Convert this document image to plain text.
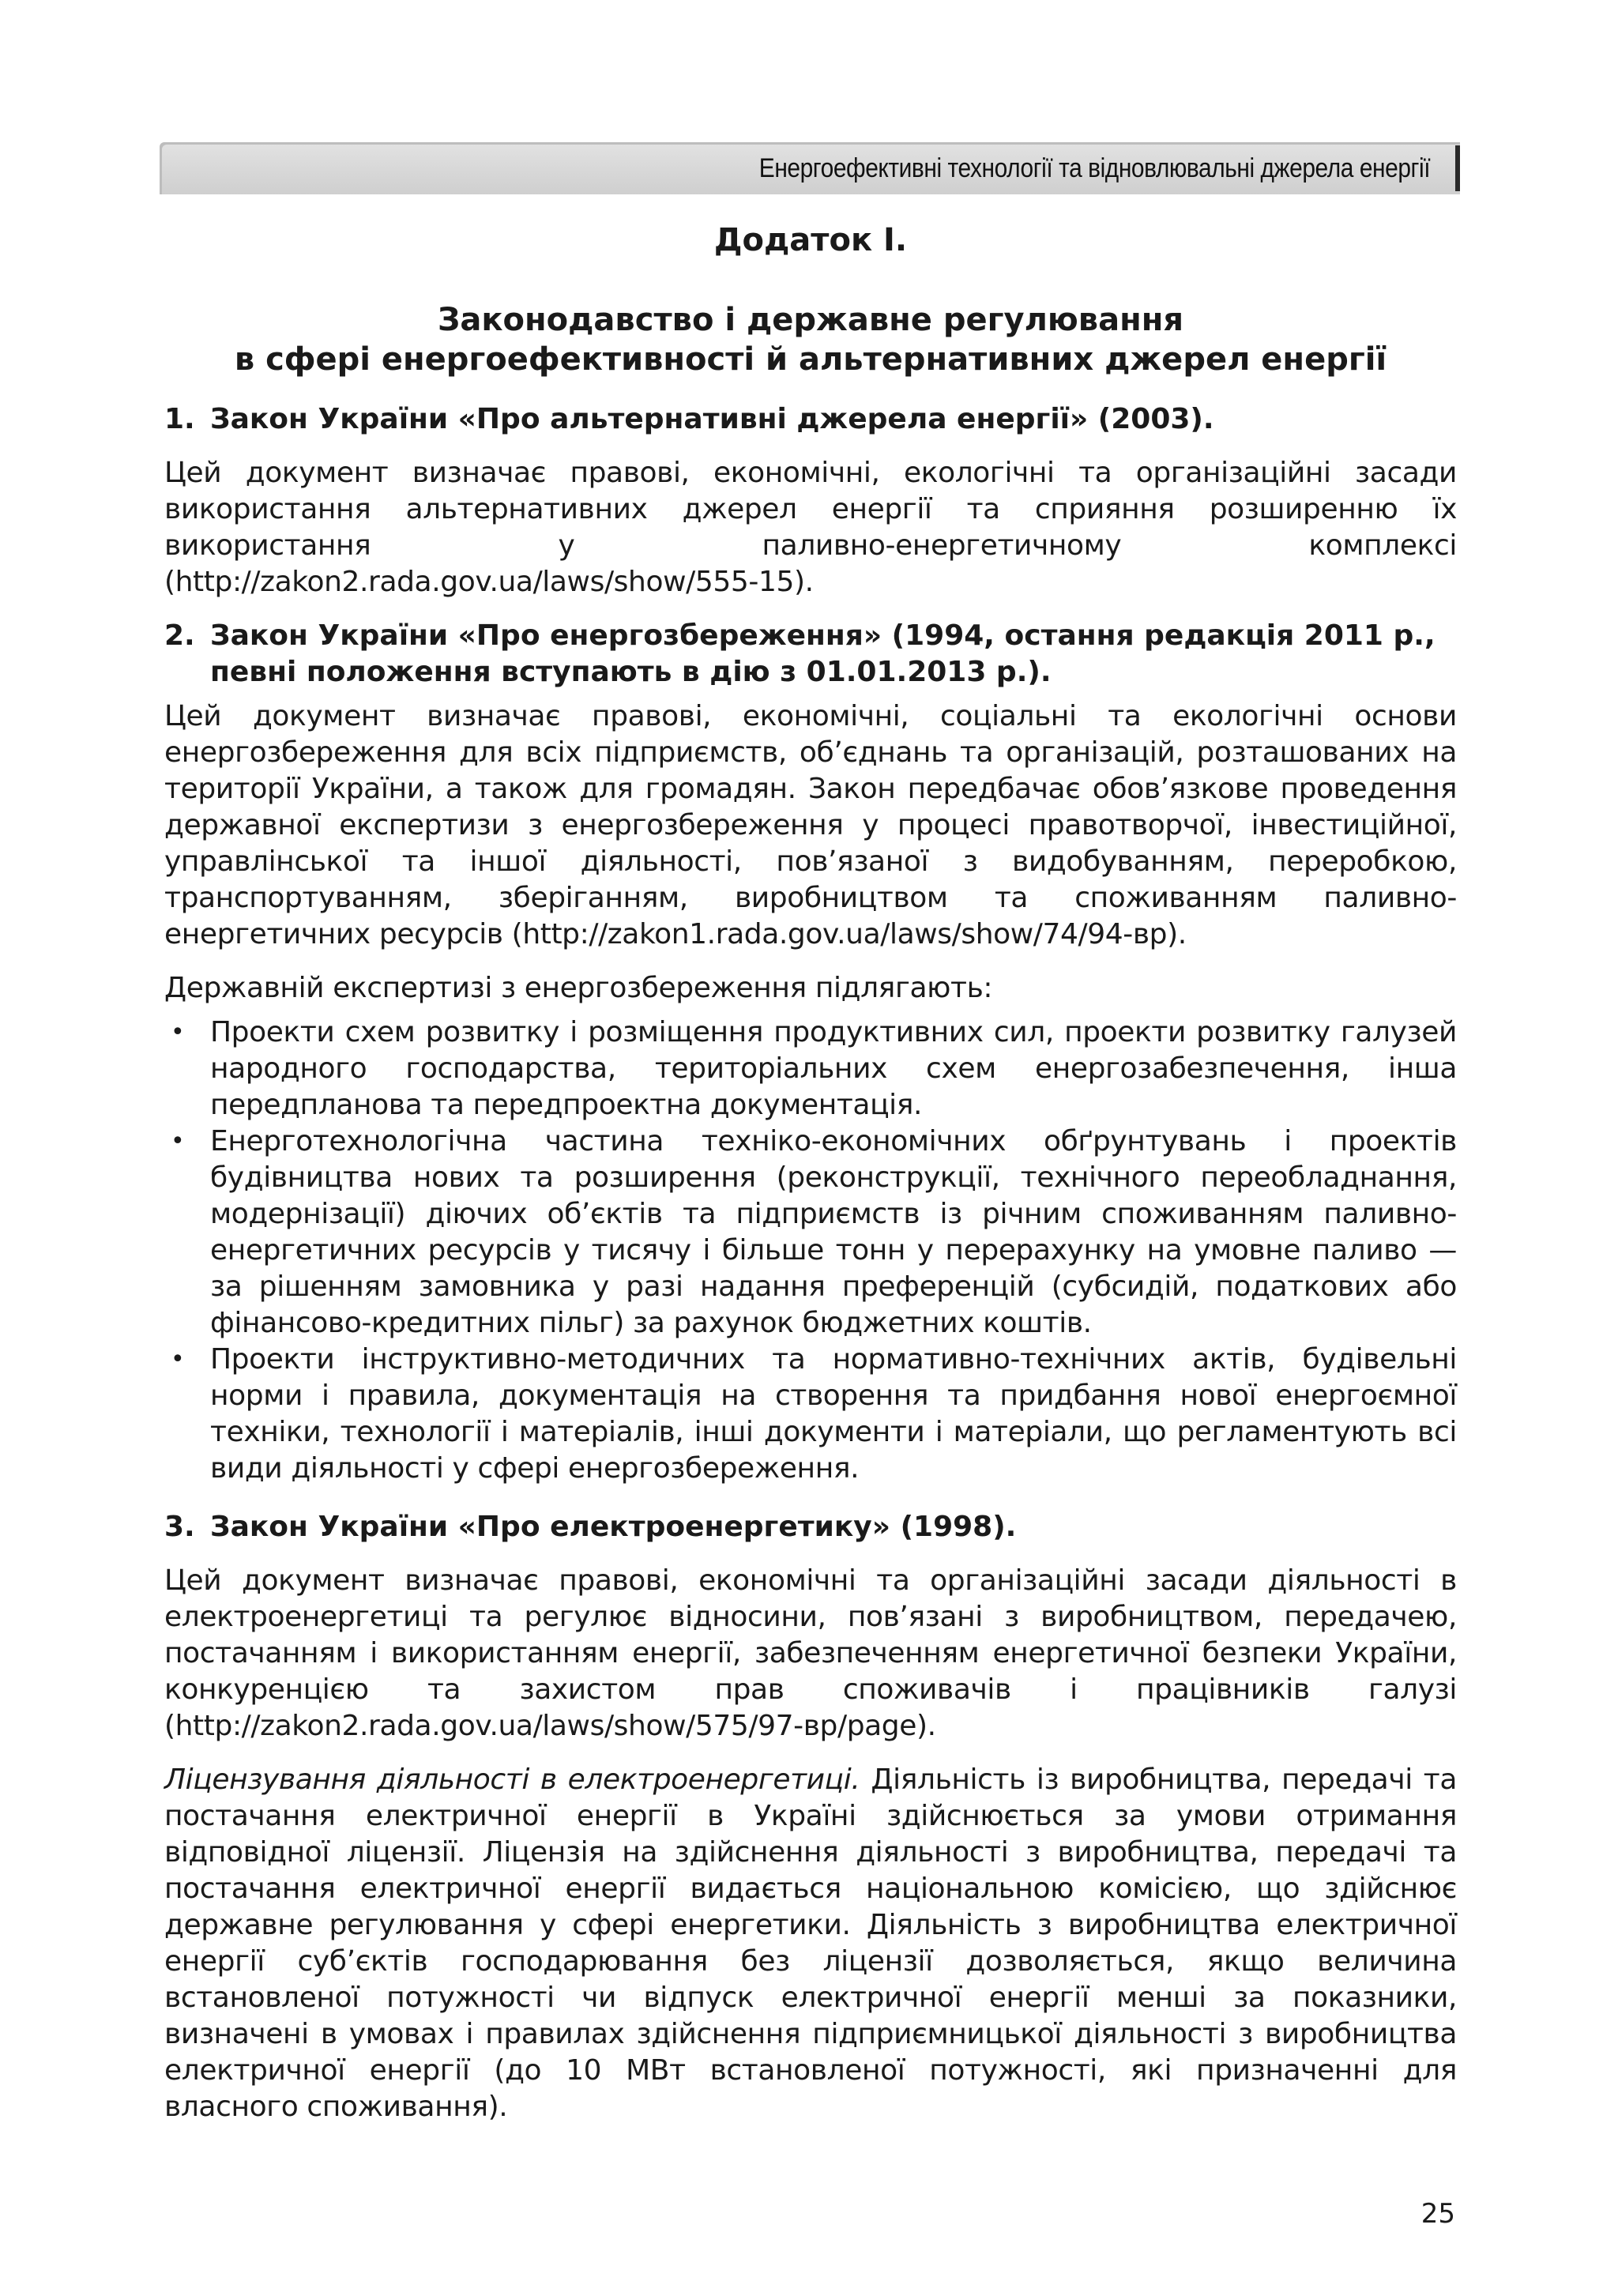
Енергоефективні технології та відновлювальні джерела енергії
Додаток І.
Законодавство і державне регулювання
в сфері енергоефективності й альтернативних джерел енергії
1. Закон України «Про альтернативні джерела енергії» (2003).

Цей документ визначає правові, економічні, екологічні та організаційні засади використання альтернативних джерел енергії та сприяння розширенню їх використання у паливно-енергетичному комплексі (http://zakon2.rada.gov.ua/laws/show/555-15).

2. Закон України «Про енергозбереження» (1994, остання редакція 2011 р., певні положення вступають в дію з 01.01.2013 р.).

Цей документ визначає правові, економічні, соціальні та екологічні основи енергозбереження для всіх підприємств, об’єднань та організацій, розташованих на території України, а також для громадян. Закон передбачає обов’язкове проведення державної експертизи з енергозбереження у процесі правотворчої, інвестиційної, управлінської та іншої діяльності, пов’язаної з видобуванням, переробкою, транспортуванням, зберіганням, виробництвом та споживанням паливно-енергетичних ресурсів (http://zakon1.rada.gov.ua/laws/show/74/94-вр).

Державній експертизі з енергозбереження підлягають:

• Проекти схем розвитку і розміщення продуктивних сил, проекти розвитку галузей народного господарства, територіальних схем енергозабезпечення, інша передпланова та передпроектна документація.
• Енерготехнологічна частина техніко-економічних обґрунтувань і проектів будівництва нових та розширення (реконструкції, технічного переобладнання, модернізації) діючих об’єктів та підприємств із річним споживанням паливно-енергетичних ресурсів у тисячу і більше тонн у перерахунку на умовне паливо — за рішенням замовника у разі надання преференцій (субсидій, податкових або фінансово-кредитних пільг) за рахунок бюджетних коштів.
• Проекти інструктивно-методичних та нормативно-технічних актів, будівельні норми і правила, документація на створення та придбання нової енергоємної техніки, технології і матеріалів, інші документи і матеріали, що регламентують всі види діяльності у сфері енергозбереження.
3. Закон України «Про електроенергетику» (1998).

Цей документ визначає правові, економічні та організаційні засади діяльності в електроенергетиці та регулює відносини, пов’язані з виробництвом, передачею, постачанням і використанням енергії, забезпеченням енергетичної безпеки України, конкуренцією та захистом прав споживачів і працівників галузі (http://zakon2.rada.gov.ua/laws/show/575/97-вр/page).

Ліцензування діяльності в електроенергетиці. Діяльність із виробництва, передачі та постачання електричної енергії в Україні здійснюється за умови отримання відповідної ліцензії. Ліцензія на здійснення діяльності з виробництва, передачі та постачання електричної енергії видається національною комісією, що здійснює державне регулювання у сфері енергетики. Діяльність з виробництва електричної енергії суб’єктів господарювання без ліцензії дозволяється, якщо величина встановленої потужності чи відпуск електричної енергії менші за показники, визначені в умовах і правилах здійснення підприємницької діяльності з виробництва електричної енергії (до 10 МВт встановленої потужності, які призначенні для власного споживання).

25
